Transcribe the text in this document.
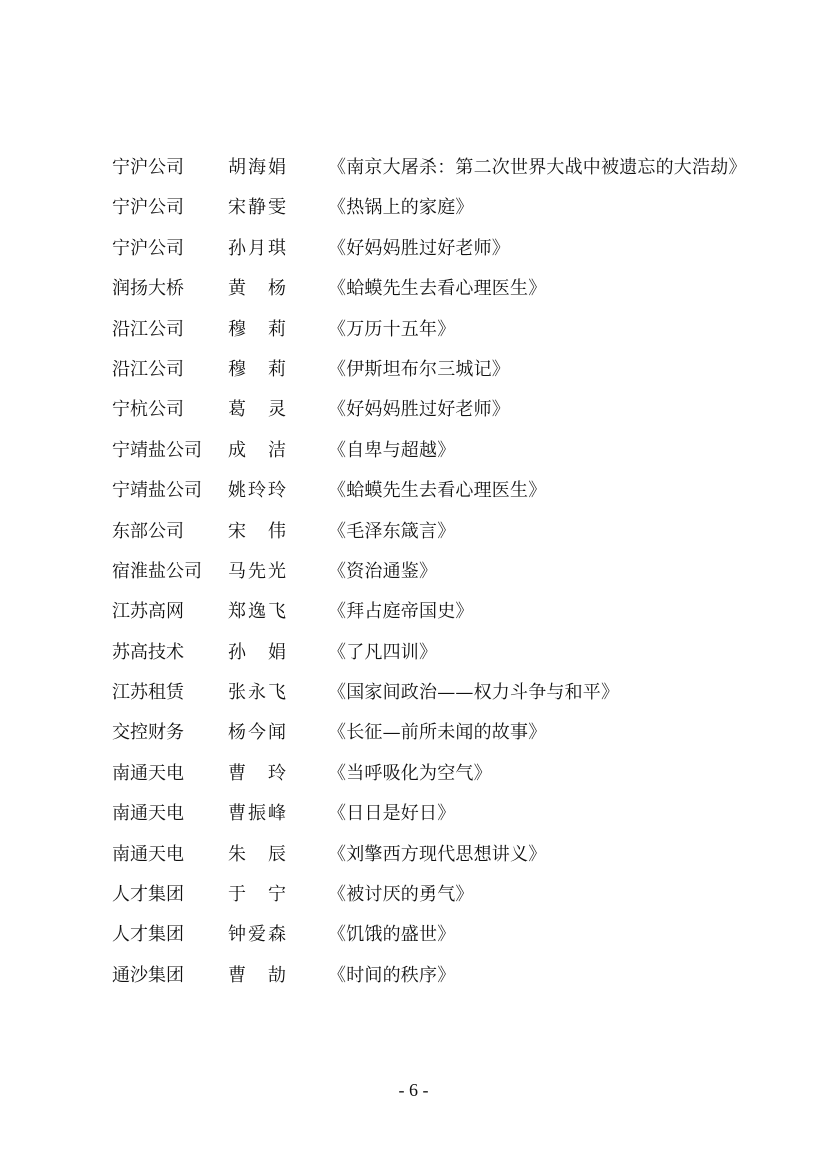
宁沪公司 胡海娟 《南京大屠杀：第二次世界大战中被遗忘的大浩劫》
宁沪公司 宋静雯 《热锅上的家庭》
宁沪公司 孙月琪 《好妈妈胜过好老师》
润扬大桥 黄 杨 《蛤蟆先生去看心理医生》
沿江公司 穆 莉 《万历十五年》
沿江公司 穆 莉 《伊斯坦布尔三城记》
宁杭公司 葛 灵 《好妈妈胜过好老师》
宁靖盐公司 成 洁 《自卑与超越》
宁靖盐公司 姚玲玲 《蛤蟆先生去看心理医生》
东部公司 宋 伟 《毛泽东箴言》
宿淮盐公司 马先光 《资治通鉴》
江苏高网 郑逸飞 《拜占庭帝国史》
苏高技术 孙 娟 《了凡四训》
江苏租赁 张永飞 《国家间政治——权力斗争与和平》
交控财务 杨今闻 《长征—前所未闻的故事》
南通天电 曹 玲 《当呼吸化为空气》
南通天电 曹振峰 《日日是好日》
南通天电 朱 辰 《刘擎西方现代思想讲义》
人才集团 于 宁 《被讨厌的勇气》
人才集团 钟爱森 《饥饿的盛世》
通沙集团 曹 劼 《时间的秩序》
- 6 -
